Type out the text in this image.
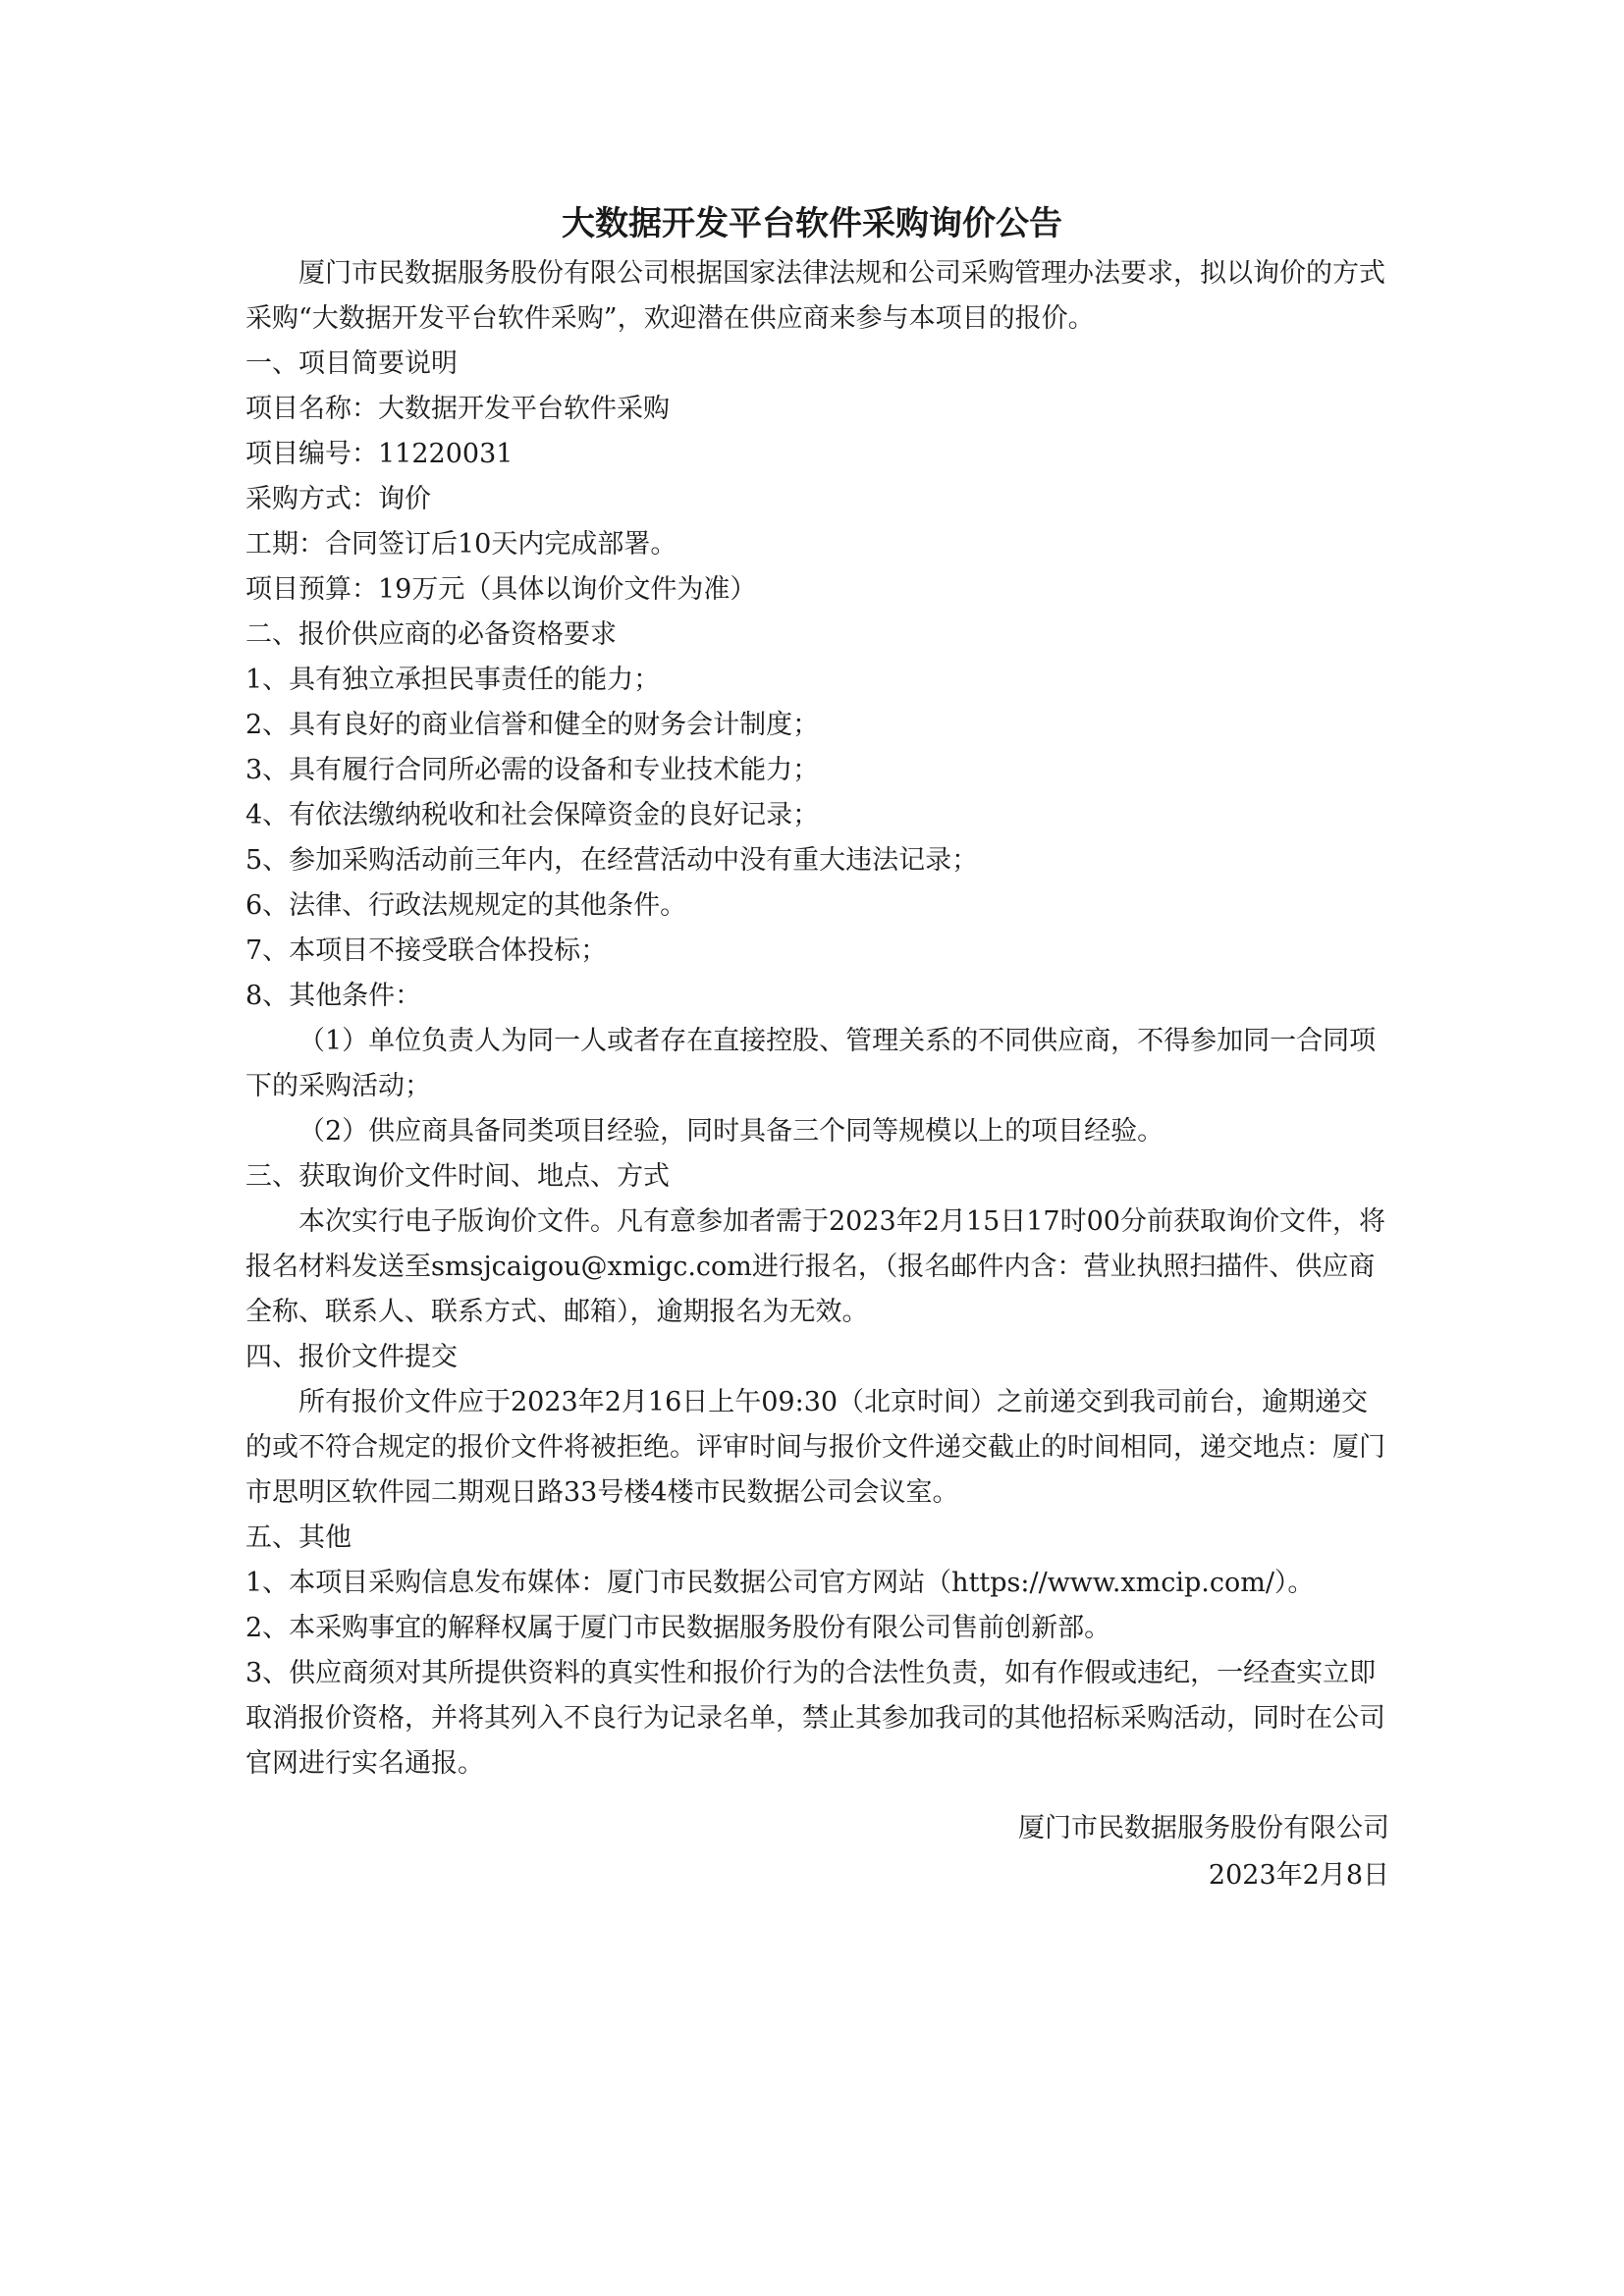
大数据开发平台软件采购询价公告

厦门市民数据服务股份有限公司根据国家法律法规和公司采购管理办法要求，拟以询价的方式采购“大数据开发平台软件采购”，欢迎潜在供应商来参与本项目的报价。

一、项目简要说明

项目名称：大数据开发平台软件采购

项目编号：11220031

采购方式：询价

工期：合同签订后10天内完成部署。

项目预算：19万元（具体以询价文件为准）

二、报价供应商的必备资格要求

1、具有独立承担民事责任的能力；

2、具有良好的商业信誉和健全的财务会计制度；

3、具有履行合同所必需的设备和专业技术能力；

4、有依法缴纳税收和社会保障资金的良好记录；

5、参加采购活动前三年内，在经营活动中没有重大违法记录；

6、法律、行政法规规定的其他条件。

7、本项目不接受联合体投标；

8、其他条件：

（1）单位负责人为同一人或者存在直接控股、管理关系的不同供应商，不得参加同一合同项下的采购活动；

（2）供应商具备同类项目经验，同时具备三个同等规模以上的项目经验。

三、获取询价文件时间、地点、方式

本次实行电子版询价文件。凡有意参加者需于2023年2月15日17时00分前获取询价文件，将报名材料发送至smsjcaigou@xmigc.com进行报名，（报名邮件内含：营业执照扫描件、供应商全称、联系人、联系方式、邮箱），逾期报名为无效。

四、报价文件提交

所有报价文件应于2023年2月16日上午09:30（北京时间）之前递交到我司前台，逾期递交的或不符合规定的报价文件将被拒绝。评审时间与报价文件递交截止的时间相同，递交地点：厦门市思明区软件园二期观日路33号楼4楼市民数据公司会议室。

五、其他

1、本项目采购信息发布媒体：厦门市民数据公司官方网站（https://www.xmcip.com/）。

2、本采购事宜的解释权属于厦门市民数据服务股份有限公司售前创新部。

3、供应商须对其所提供资料的真实性和报价行为的合法性负责，如有作假或违纪，一经查实立即取消报价资格，并将其列入不良行为记录名单，禁止其参加我司的其他招标采购活动，同时在公司官网进行实名通报。

厦门市民数据服务股份有限公司

2023年2月8日
